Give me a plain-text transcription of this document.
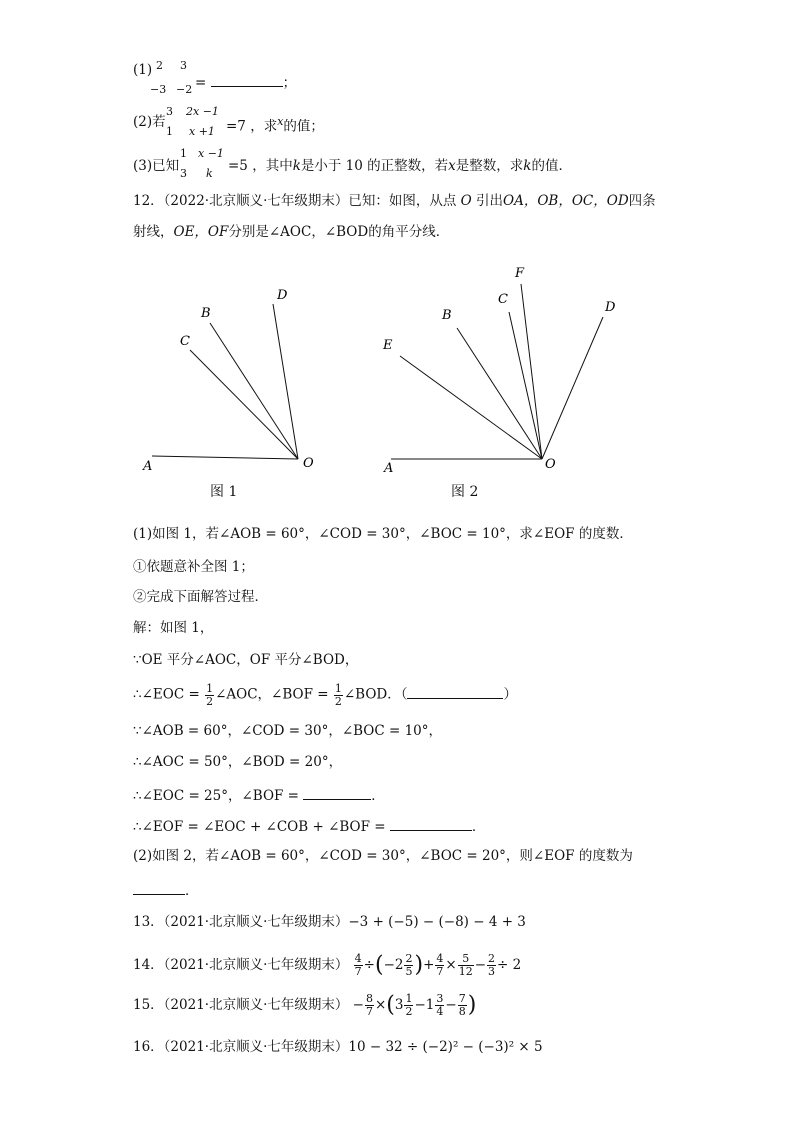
(1) 2 3
−3 −2 =	；
(2)若
3 2x −1
1 x +1 =7 ，求$^x$的值；
(3)已知
1 x −1
3 k =5 ，其中k是小于 10 的正整数，若x是整数，求k的值．
12．（2022·北京顺义·七年级期末）已知：如图，从点 O 引出OA，OB，OC，OD四条
射线，OE，OF分别是∠AOC，∠BOD的角平分线．
A
B
C
D
O
图 1
A
B
C
D
E
F
O
图 2
(1)如图 1，若∠AOB = 60°，∠COD = 30°，∠BOC = 10°，求∠EOF 的度数．
①依题意补全图 1；
②完成下面解答过程．
解：如图 1，
∵OE 平分∠AOC，OF 平分∠BOD，
∴∠EOC = $\frac{1}{2}$ ∠AOC，∠BOF = $\frac{1}{2}$ ∠BOD．（	）
∵∠AOB = 60°，∠COD = 30°，∠BOC = 10°，
∴∠AOC = 50°，∠BOD = 20°，
∴∠EOC = 25°，∠BOF =	．
∴∠EOF = ∠EOC + ∠COB + ∠BOF =	．
(2)如图 2，若∠AOB = 60°，∠COD = 30°，∠BOC = 20°，则∠EOF 的度数为
．
13．（2021·北京顺义·七年级期末）−3 + (−5) − (−8) − 4 + 3
14．（2021·北京顺义·七年级期末） $\frac{4}{7} \div(-2 \frac{2}{5}$ )+ $\frac{4}{7} \times \frac{5}{12} - \frac{2}{3} \div 2$
15．（2021·北京顺义·七年级期末） − $\frac{8}{7} \times(3 \frac{1}{2} -1 \frac{3}{4} - \frac{7}{8}$ )
16．（2021·北京顺义·七年级期末）10 − 32 ÷ (−2)² − (−3)² × 5
